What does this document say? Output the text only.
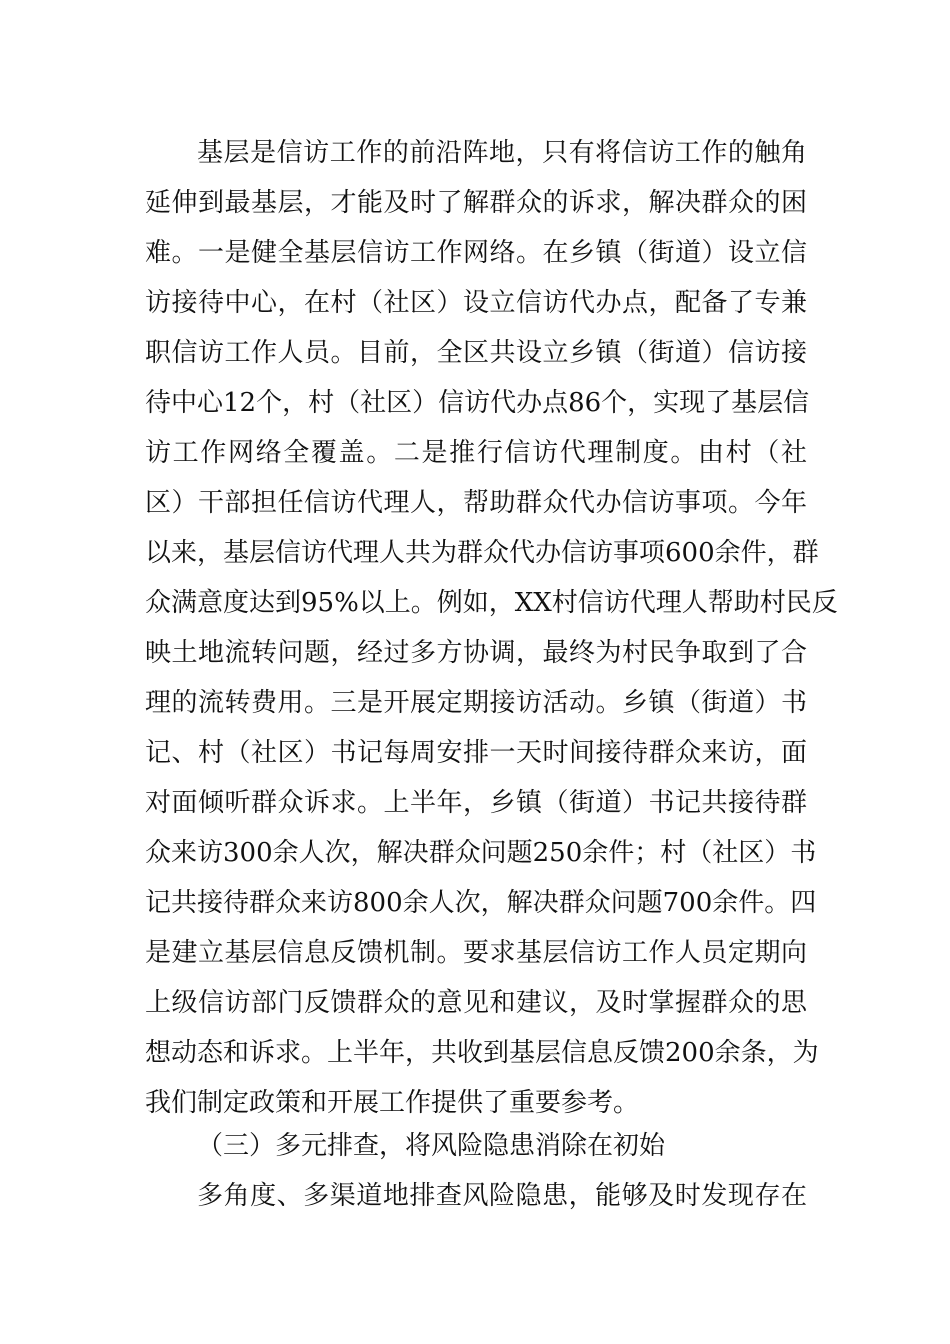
基层是信访工作的前沿阵地，只有将信访工作的触角
延伸到最基层，才能及时了解群众的诉求，解决群众的困
难。一是健全基层信访工作网络。在乡镇（街道）设立信
访接待中心，在村（社区）设立信访代办点，配备了专兼
职信访工作人员。目前，全区共设立乡镇（街道）信访接
待中心12个，村（社区）信访代办点86个，实现了基层信
访工作网络全覆盖。二是推行信访代理制度。由村（社
区）干部担任信访代理人，帮助群众代办信访事项。今年
以来，基层信访代理人共为群众代办信访事项600余件，群
众满意度达到95%以上。例如，XX村信访代理人帮助村民反
映土地流转问题，经过多方协调，最终为村民争取到了合
理的流转费用。三是开展定期接访活动。乡镇（街道）书
记、村（社区）书记每周安排一天时间接待群众来访，面
对面倾听群众诉求。上半年，乡镇（街道）书记共接待群
众来访300余人次，解决群众问题250余件；村（社区）书
记共接待群众来访800余人次，解决群众问题700余件。四
是建立基层信息反馈机制。要求基层信访工作人员定期向
上级信访部门反馈群众的意见和建议，及时掌握群众的思
想动态和诉求。上半年，共收到基层信息反馈200余条，为
我们制定政策和开展工作提供了重要参考。
（三）多元排查，将风险隐患消除在初始
多角度、多渠道地排查风险隐患，能够及时发现存在
